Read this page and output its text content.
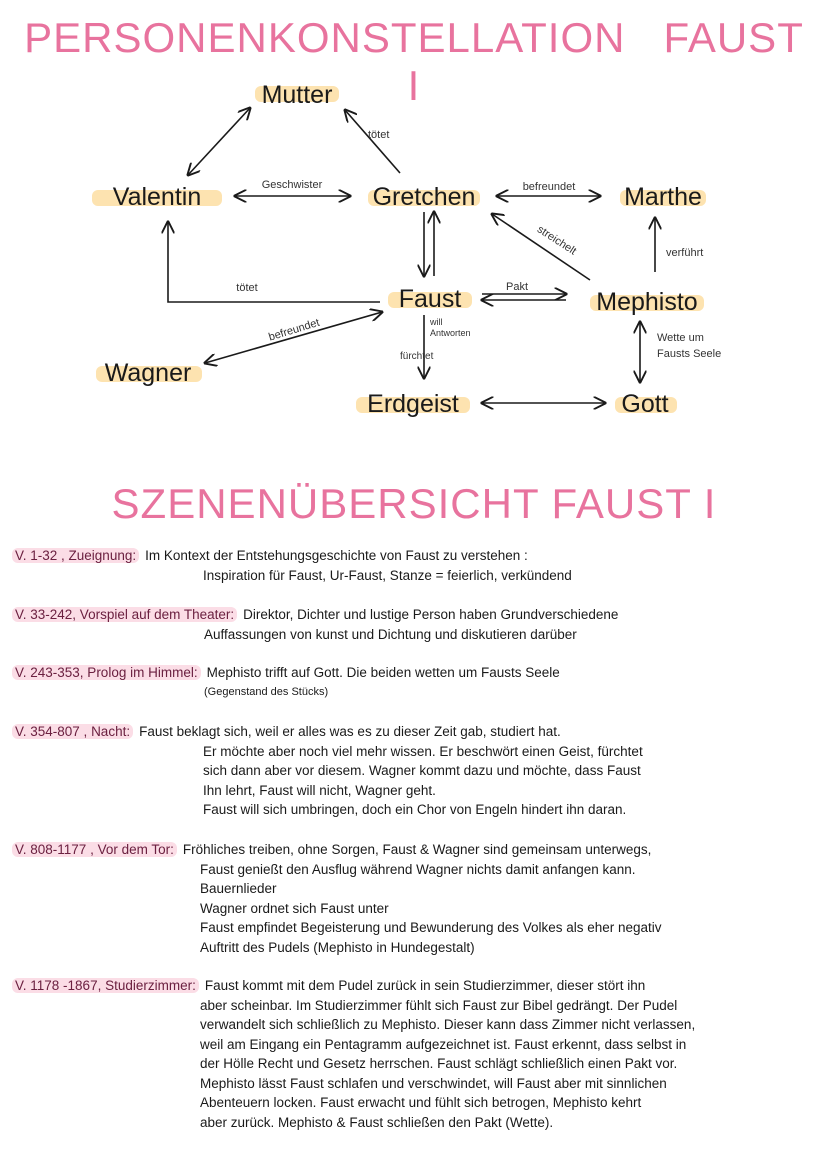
PERSONENKONSTELLATION FAUST I
Mutter
Valentin	Gretchen	Marthe
Faust	Mephisto
Wagner
Erdgeist	Gott
tötet
Geschwister	befreundet
streichelt	verführt
tötet	Pakt
befreundet	will
Antworten
fürchtet
Wette um
Fausts Seele
SZENENÜBERSICHT FAUST I
V. 1-32 , Zueignung: Im Kontext der Entstehungsgeschichte von Faust zu verstehen :
Inspiration für Faust, Ur-Faust, Stanze = feierlich, verkündend
V. 33-242, Vorspiel auf dem Theater: Direktor, Dichter und lustige Person haben Grundverschiedene
Auffassungen von kunst und Dichtung und diskutieren darüber
V. 243-353, Prolog im Himmel: Mephisto trifft auf Gott. Die beiden wetten um Fausts Seele
(Gegenstand des Stücks)
V. 354-807 , Nacht: Faust beklagt sich, weil er alles was es zu dieser Zeit gab, studiert hat.
Er möchte aber noch viel mehr wissen. Er beschwört einen Geist, fürchtet
sich dann aber vor diesem. Wagner kommt dazu und möchte, dass Faust
Ihn lehrt, Faust will nicht, Wagner geht.
Faust will sich umbringen, doch ein Chor von Engeln hindert ihn daran.
V. 808-1177 , Vor dem Tor: Fröhliches treiben, ohne Sorgen, Faust & Wagner sind gemeinsam unterwegs,
Faust genießt den Ausflug während Wagner nichts damit anfangen kann.
Bauernlieder
Wagner ordnet sich Faust unter
Faust empfindet Begeisterung und Bewunderung des Volkes als eher negativ
Auftritt des Pudels (Mephisto in Hundegestalt)
V. 1178 -1867, Studierzimmer: Faust kommt mit dem Pudel zurück in sein Studierzimmer, dieser stört ihn
aber scheinbar. Im Studierzimmer fühlt sich Faust zur Bibel gedrängt. Der Pudel
verwandelt sich schließlich zu Mephisto. Dieser kann dass Zimmer nicht verlassen,
weil am Eingang ein Pentagramm aufgezeichnet ist. Faust erkennt, dass selbst in
der Hölle Recht und Gesetz herrschen. Faust schlägt schließlich einen Pakt vor.
Mephisto lässt Faust schlafen und verschwindet, will Faust aber mit sinnlichen
Abenteuern locken. Faust erwacht und fühlt sich betrogen, Mephisto kehrt
aber zurück. Mephisto & Faust schließen den Pakt (Wette).
